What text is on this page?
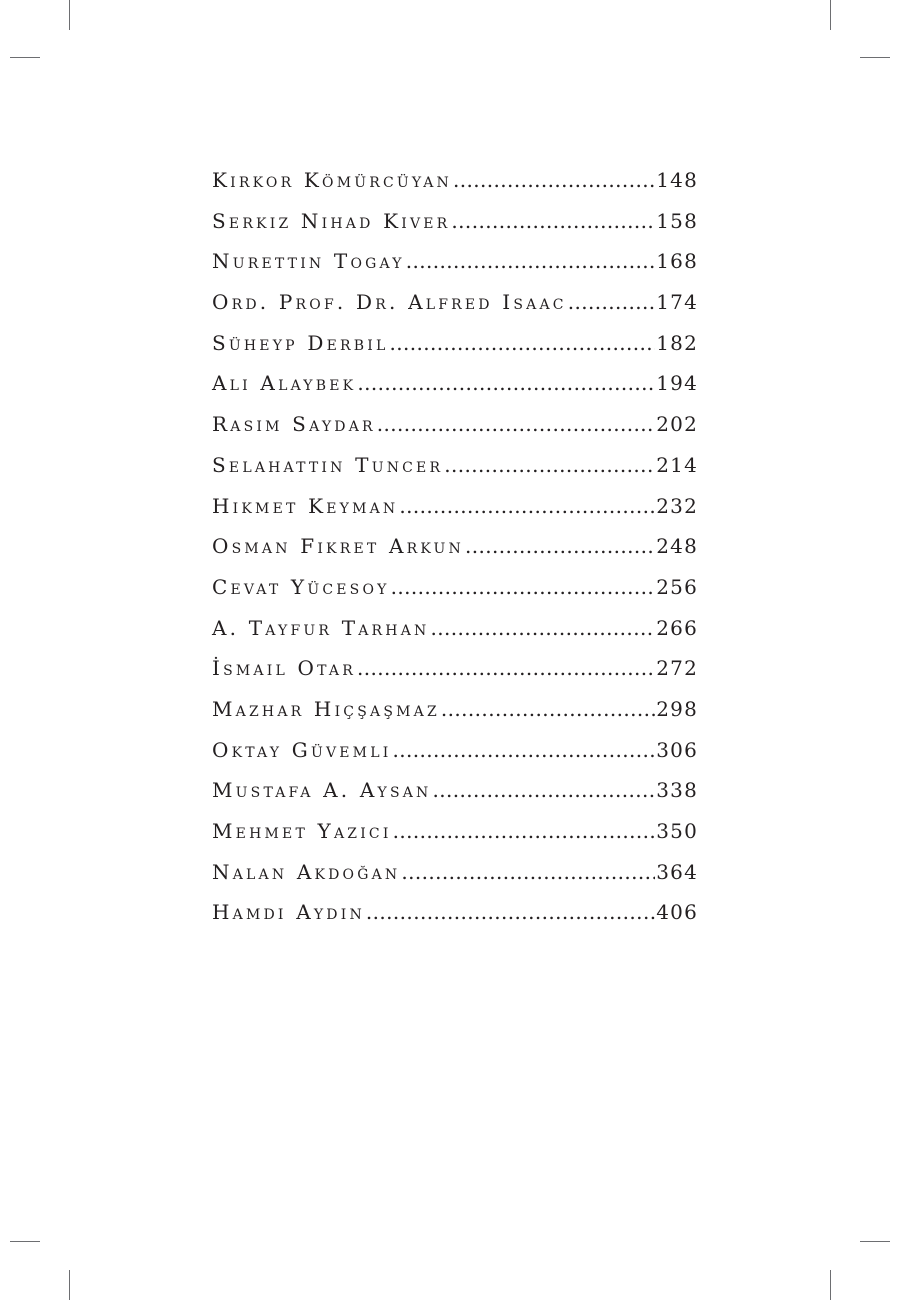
Kirkor Kömürcüyan .....	148
Serkiz Nihad Kiver .....	158
Nurettin Togay .....	168
Ord. Prof. Dr. Alfred Isaac .....	174
Süheyp Derbil .....	182
Ali Alaybek .....	194
Rasim Saydar .....	202
Selahattin Tuncer .....	214
Hikmet Keyman .....	232
Osman Fikret Arkun .....	248
Cevat Yücesoy .....	256
A. Tayfur Tarhan .....	266
İsmail Otar .....	272
Mazhar Hiçşaşmaz .....	298
Oktay Güvemli .....	306
Mustafa A. Aysan .....	338
Mehmet Yazıcı .....	350
Nalan Akdoğan .....	364
Hamdi Aydın .....	406
